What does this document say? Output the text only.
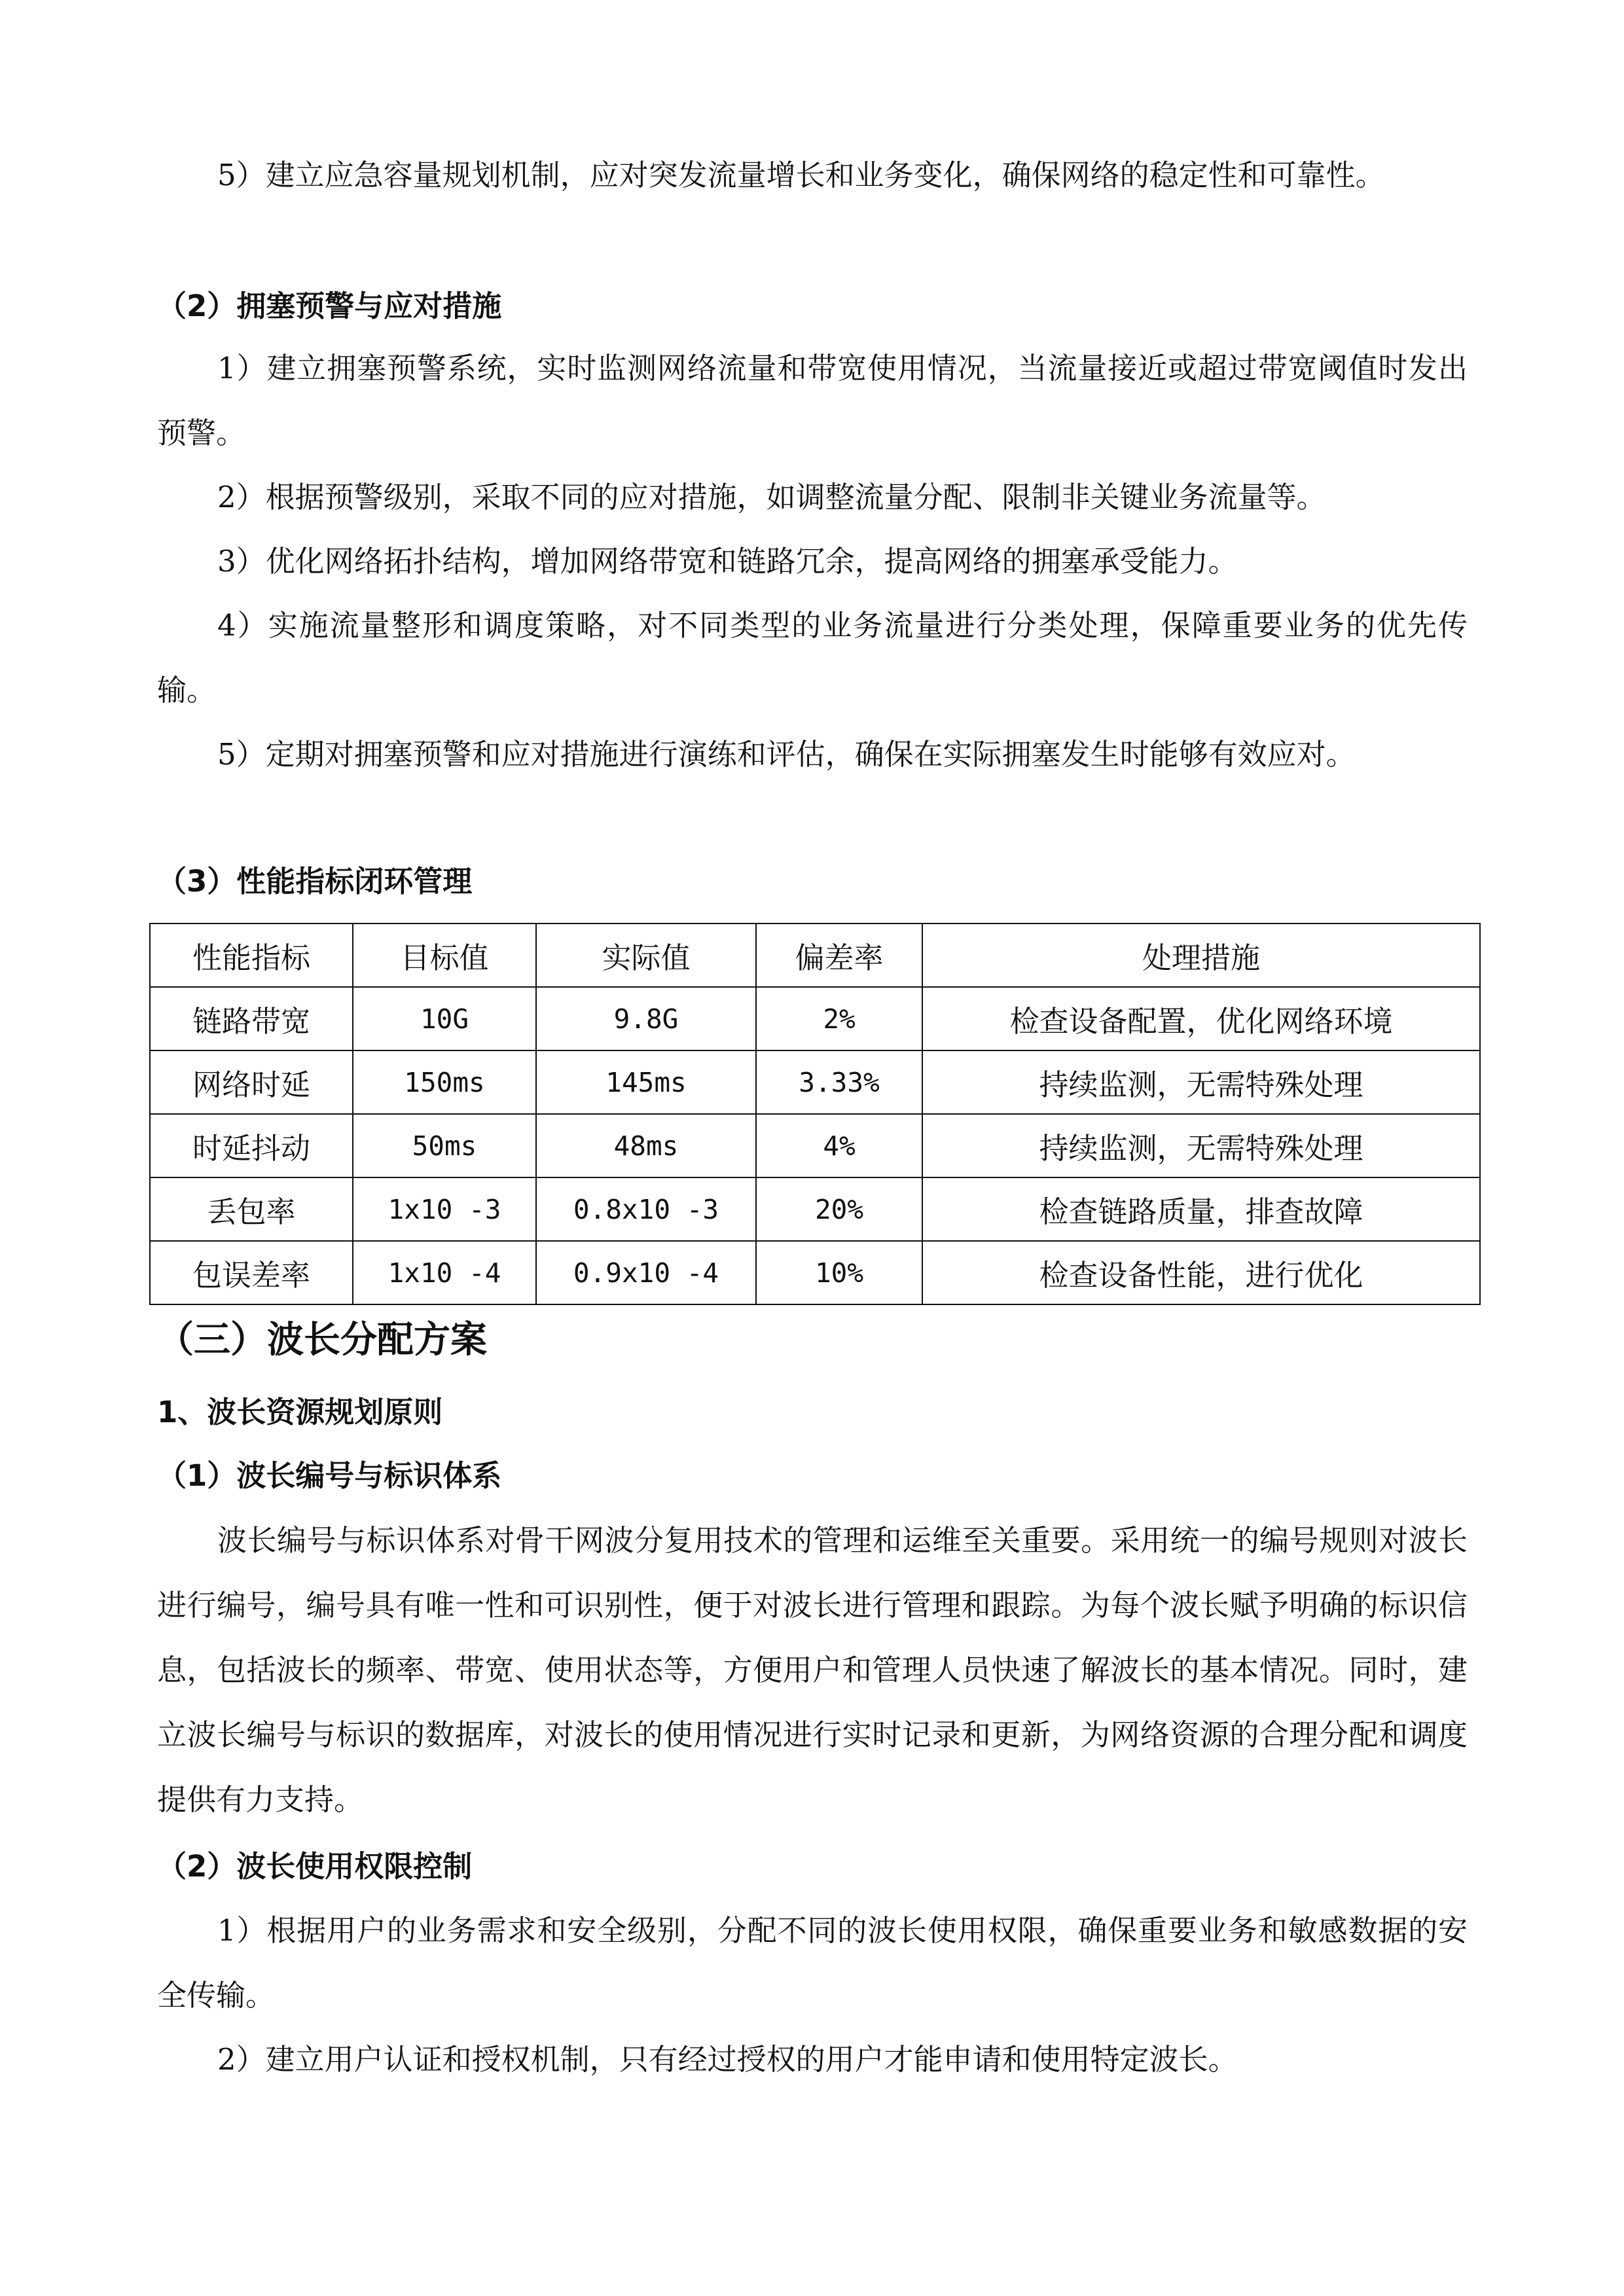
5）建立应急容量规划机制，应对突发流量增长和业务变化，确保网络的稳定性和可靠性。

（2）拥塞预警与应对措施

1）建立拥塞预警系统，实时监测网络流量和带宽使用情况，当流量接近或超过带宽阈值时发出预警。

2）根据预警级别，采取不同的应对措施，如调整流量分配、限制非关键业务流量等。

3）优化网络拓扑结构，增加网络带宽和链路冗余，提高网络的拥塞承受能力。

4）实施流量整形和调度策略，对不同类型的业务流量进行分类处理，保障重要业务的优先传输。

5）定期对拥塞预警和应对措施进行演练和评估，确保在实际拥塞发生时能够有效应对。

（3）性能指标闭环管理
性能指标	目标值	实际值	偏差率	处理措施
链路带宽	10G	9.8G	2%	检查设备配置，优化网络环境
网络时延	150ms	145ms	3.33%	持续监测，无需特殊处理
时延抖动	50ms	48ms	4%	持续监测，无需特殊处理
丢包率	1x10 -3	0.8x10 -3	20%	检查链路质量，排查故障
包误差率	1x10 -4	0.9x10 -4	10%	检查设备性能，进行优化
（三）波长分配方案
1、波长资源规划原则
（1）波长编号与标识体系

波长编号与标识体系对骨干网波分复用技术的管理和运维至关重要。采用统一的编号规则对波长进行编号，编号具有唯一性和可识别性，便于对波长进行管理和跟踪。为每个波长赋予明确的标识信息，包括波长的频率、带宽、使用状态等，方便用户和管理人员快速了解波长的基本情况。同时，建立波长编号与标识的数据库，对波长的使用情况进行实时记录和更新，为网络资源的合理分配和调度提供有力支持。

（2）波长使用权限控制

1）根据用户的业务需求和安全级别，分配不同的波长使用权限，确保重要业务和敏感数据的安全传输。

2）建立用户认证和授权机制，只有经过授权的用户才能申请和使用特定波长。
